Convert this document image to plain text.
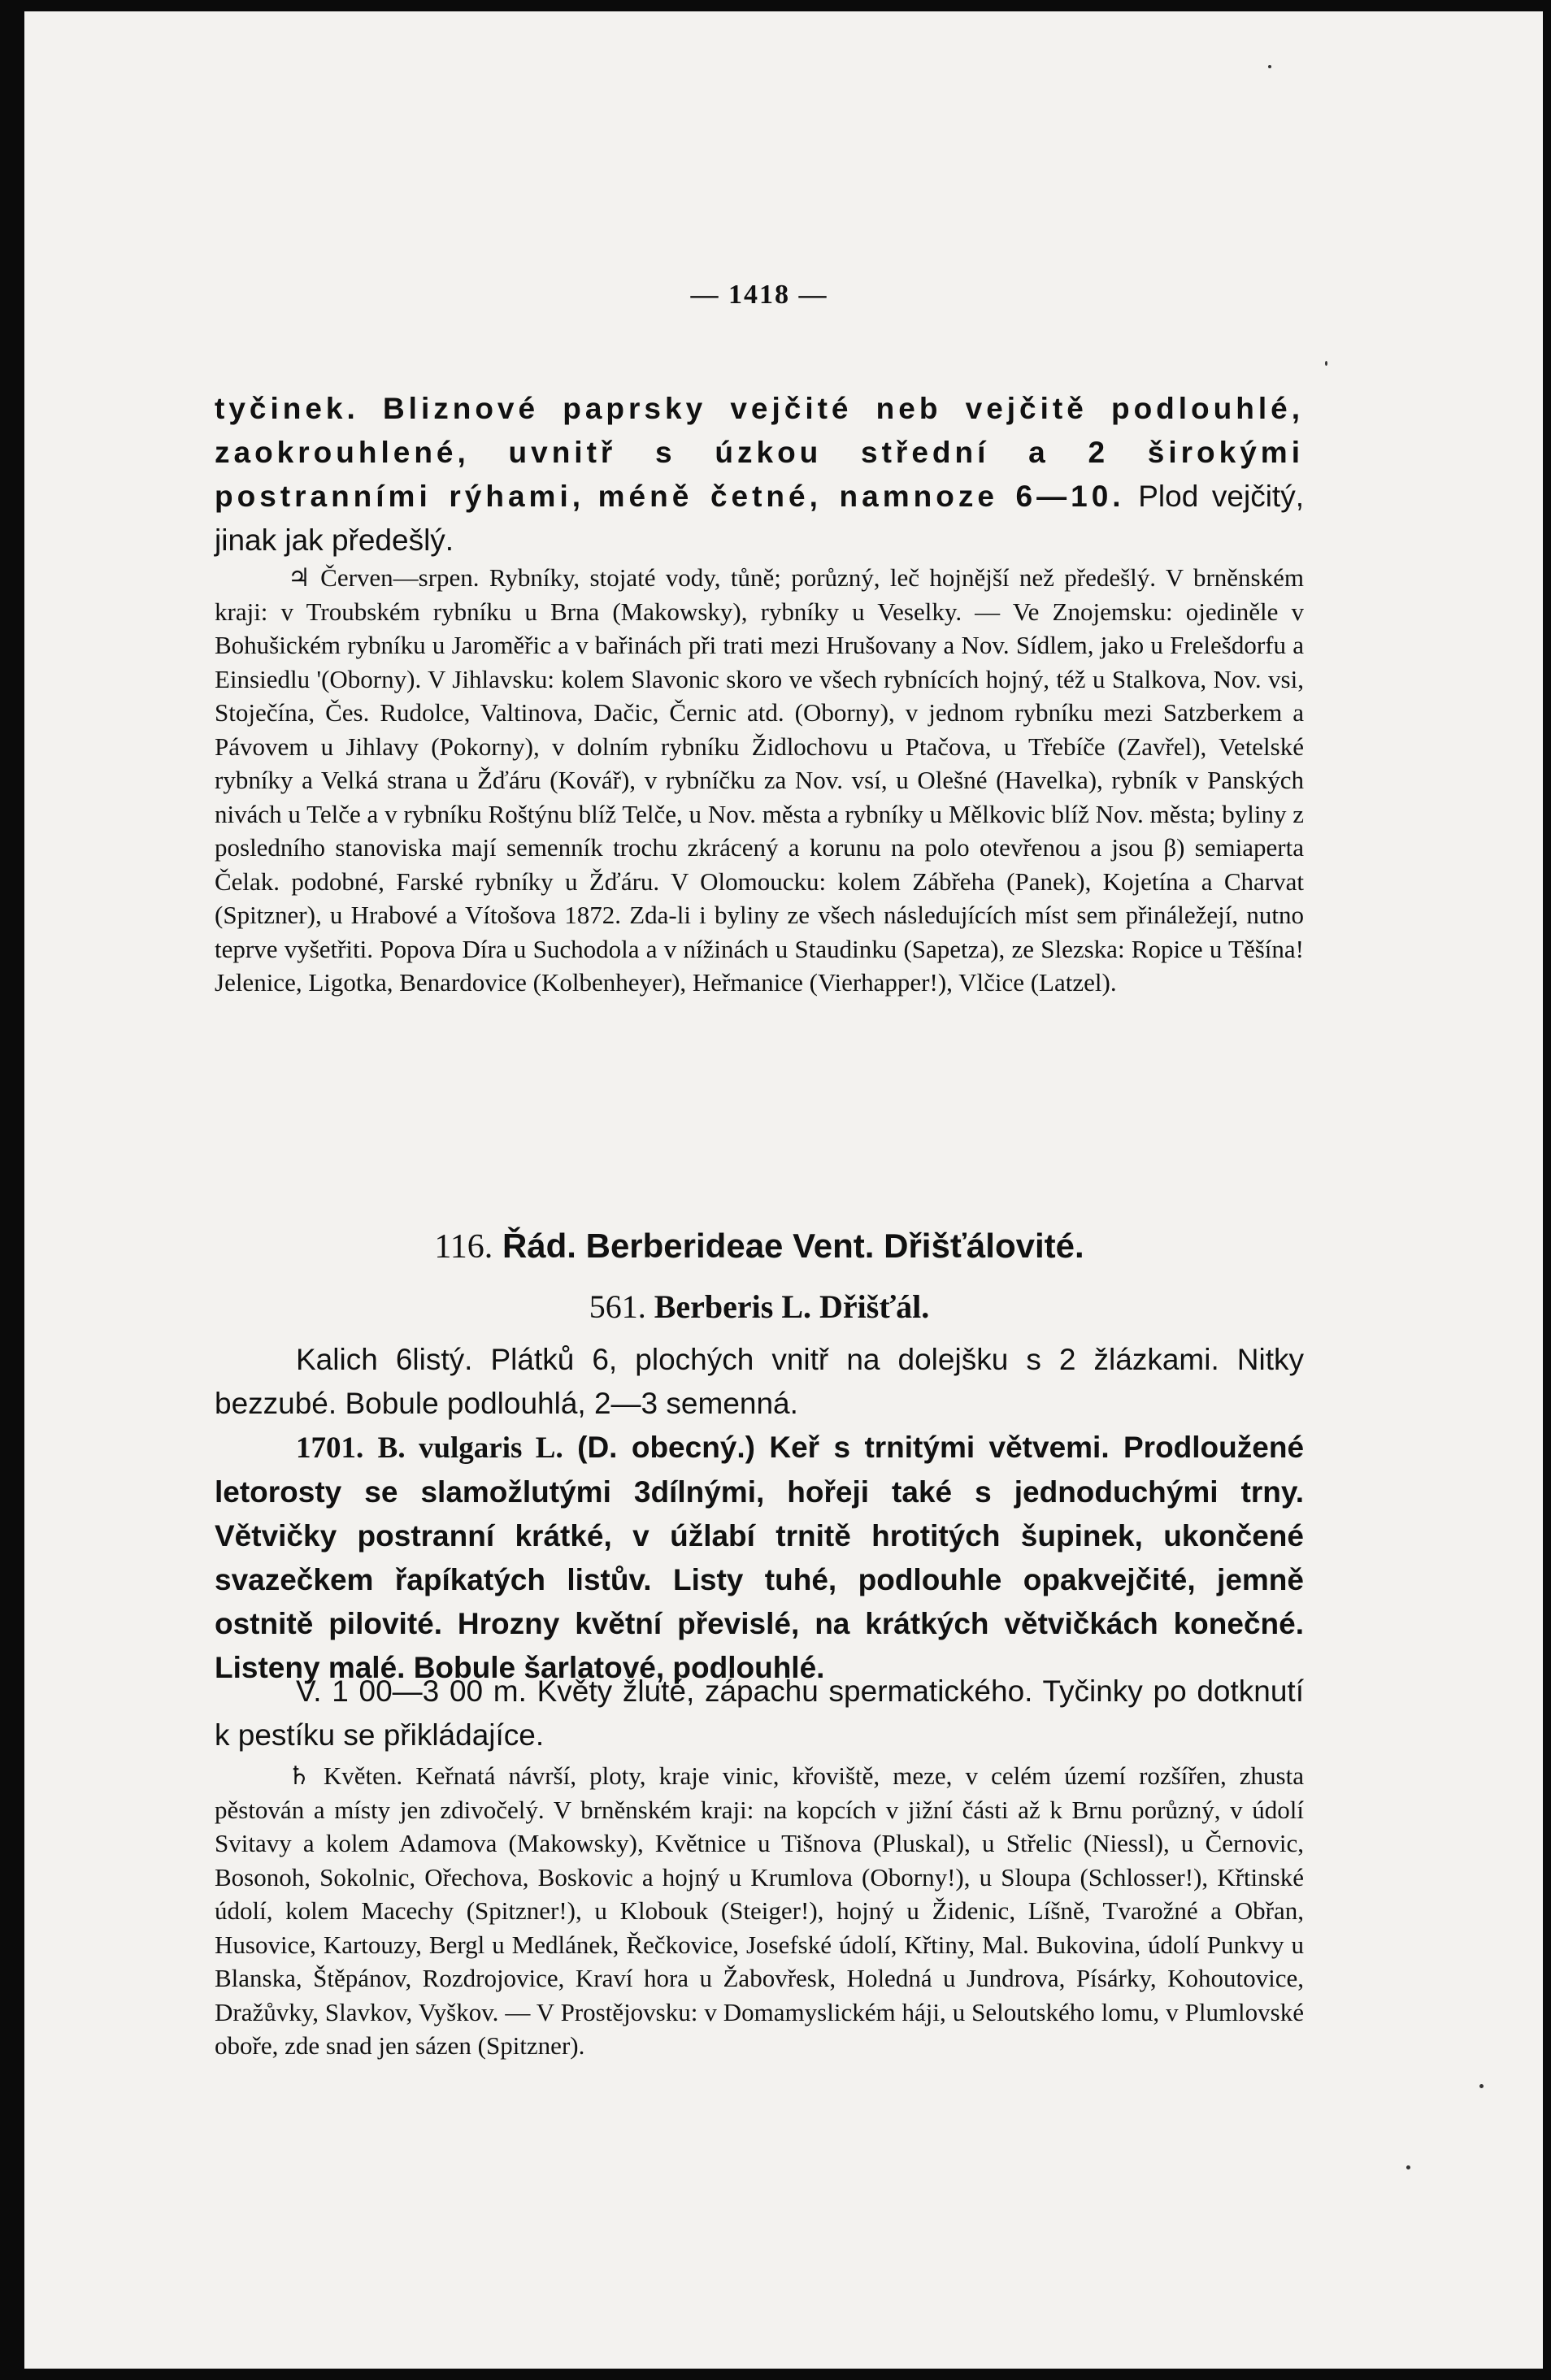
— 1418 —

tyčinek. Bliznové paprsky vejčité neb vejčitě podlouhlé, zaokrouhlené, uvnitř s úzkou střední a 2 širokými postranními rýhami, méně četné, namnoze 6—10. Plod vejčitý, jinak jak předešlý.

♃ Červen—srpen. Rybníky, stojaté vody, tůně; porůzný, leč hojnější než předešlý. V brněnském kraji: v Troubském rybníku u Brna (Makowsky), rybníky u Veselky. — Ve Znojemsku: ojediněle v Bohušickém rybníku u Jaroměřic a v bařinách při trati mezi Hrušovany a Nov. Sídlem, jako u Frelešdorfu a Einsiedlu '(Oborny). V Jihlavsku: kolem Slavonic skoro ve všech rybnících hojný, též u Stalkova, Nov. vsi, Stoječína, Čes. Rudolce, Valtinova, Dačic, Černic atd. (Oborny), v jednom rybníku mezi Satzberkem a Pávovem u Jihlavy (Pokorny), v dolním rybníku Židlochovu u Ptačova, u Třebíče (Zavřel), Vetelské rybníky a Velká strana u Žďáru (Kovář), v rybníčku za Nov. vsí, u Olešné (Havelka), rybník v Panských nivách u Telče a v rybníku Roštýnu blíž Telče, u Nov. města a rybníky u Mělkovic blíž Nov. města; byliny z posledního stanoviska mají semenník trochu zkrácený a korunu na polo otevřenou a jsou β) semiaperta Čelak. podobné, Farské rybníky u Žďáru. V Olomoucku: kolem Zábřeha (Panek), Kojetína a Charvat (Spitzner), u Hrabové a Vítošova 1872. Zda-li i byliny ze všech následujících míst sem přináležejí, nutno teprve vyšetřiti. Popova Díra u Suchodola a v nížinách u Staudinku (Sapetza), ze Slezska: Ropice u Těšína! Jelenice, Ligotka, Benardovice (Kolbenheyer), Heřmanice (Vierhapper!), Vlčice (Latzel).

116. Řád. Berberideae Vent. Dřišťálovité.

561. Berberis L. Dřišťál.

Kalich 6listý. Plátků 6, plochých vnitř na dolejšku s 2 žlázkami. Nitky bezzubé. Bobule podlouhlá, 2—3 semenná.

1701. B. vulgaris L. (D. obecný.) Keř s trnitými větvemi. Prodloužené letorosty se slamožlutými 3dílnými, hořeji také s jednoduchými trny. Větvičky postranní krátké, v úžlabí trnitě hrotitých šupinek, ukončené svazečkem řapíkatých listův. Listy tuhé, podlouhle opakvejčité, jemně ostnitě pilovité. Hrozny květní převislé, na krátkých větvičkách konečné. Listeny malé. Bobule šarlatové, podlouhlé.

V. 1 00—3 00 m. Květy žluté, zápachu spermatického. Tyčinky po dotknutí k pestíku se přikládajíce.

♄ Květen. Keřnatá návrší, ploty, kraje vinic, křoviště, meze, v celém území rozšířen, zhusta pěstován a místy jen zdivočelý. V brněnském kraji: na kopcích v jižní části až k Brnu porůzný, v údolí Svitavy a kolem Adamova (Makowsky), Květnice u Tišnova (Pluskal), u Střelic (Niessl), u Černovic, Bosonoh, Sokolnic, Ořechova, Boskovic a hojný u Krumlova (Oborny!), u Sloupa (Schlosser!), Křtinské údolí, kolem Macechy (Spitzner!), u Klobouk (Steiger!), hojný u Židenic, Líšně, Tvarožné a Obřan, Husovice, Kartouzy, Bergl u Medlánek, Řečkovice, Josefské údolí, Křtiny, Mal. Bukovina, údolí Punkvy u Blanska, Štěpánov, Rozdrojovice, Kraví hora u Žabovřesk, Holedná u Jundrova, Písárky, Kohoutovice, Dražůvky, Slavkov, Vyškov. — V Prostějovsku: v Domamyslickém háji, u Seloutského lomu, v Plumlovské oboře, zde snad jen sázen (Spitzner).
